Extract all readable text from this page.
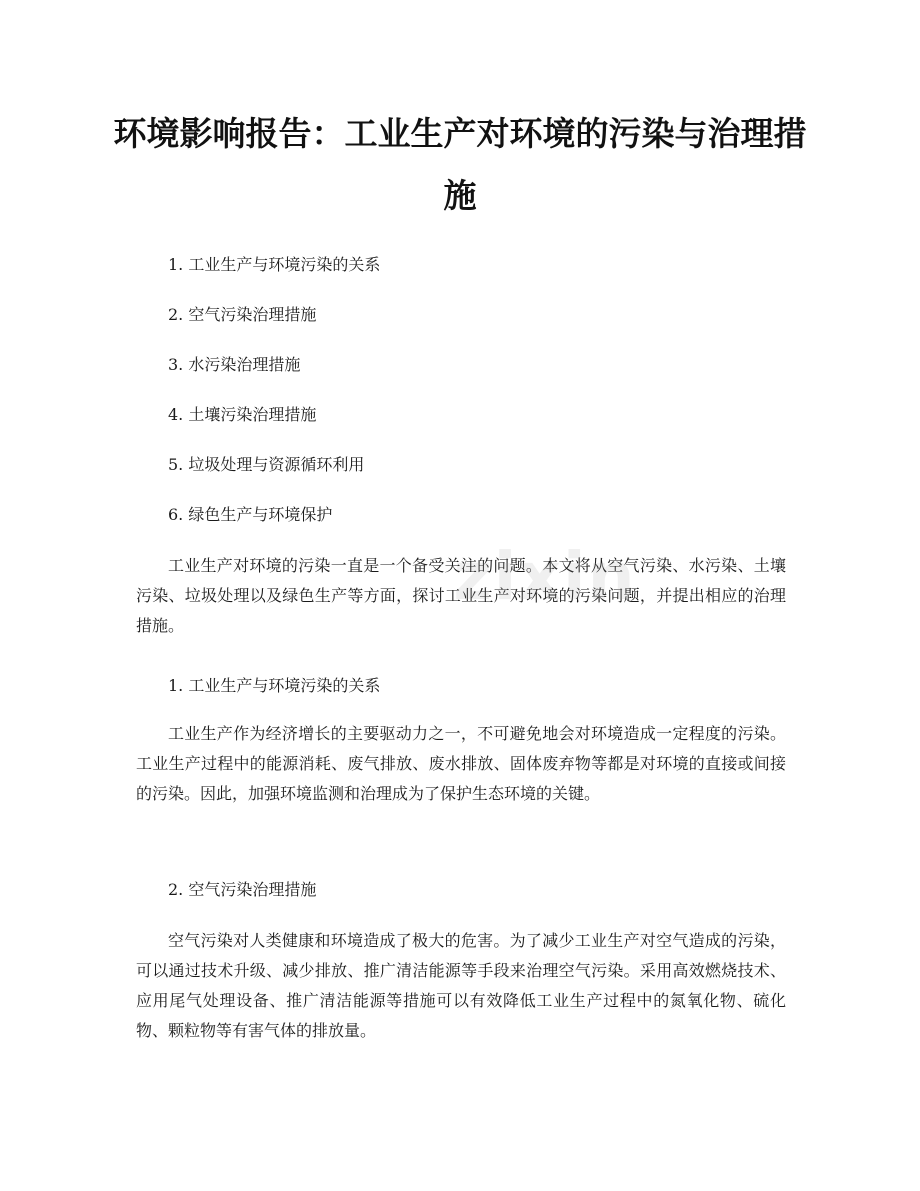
环境影响报告：工业生产对环境的污染与治理措施
1. 工业生产与环境污染的关系
2. 空气污染治理措施
3. 水污染治理措施
4. 土壤污染治理措施
5. 垃圾处理与资源循环利用
6. 绿色生产与环境保护

工业生产对环境的污染一直是一个备受关注的问题。本文将从空气污染、水污染、土壤污染、垃圾处理以及绿色生产等方面，探讨工业生产对环境的污染问题，并提出相应的治理措施。

1. 工业生产与环境污染的关系

工业生产作为经济增长的主要驱动力之一，不可避免地会对环境造成一定程度的污染。工业生产过程中的能源消耗、废气排放、废水排放、固体废弃物等都是对环境的直接或间接的污染。因此，加强环境监测和治理成为了保护生态环境的关键。

2. 空气污染治理措施

空气污染对人类健康和环境造成了极大的危害。为了减少工业生产对空气造成的污染，可以通过技术升级、减少排放、推广清洁能源等手段来治理空气污染。采用高效燃烧技术、应用尾气处理设备、推广清洁能源等措施可以有效降低工业生产过程中的氮氧化物、硫化物、颗粒物等有害气体的排放量。

zixin
